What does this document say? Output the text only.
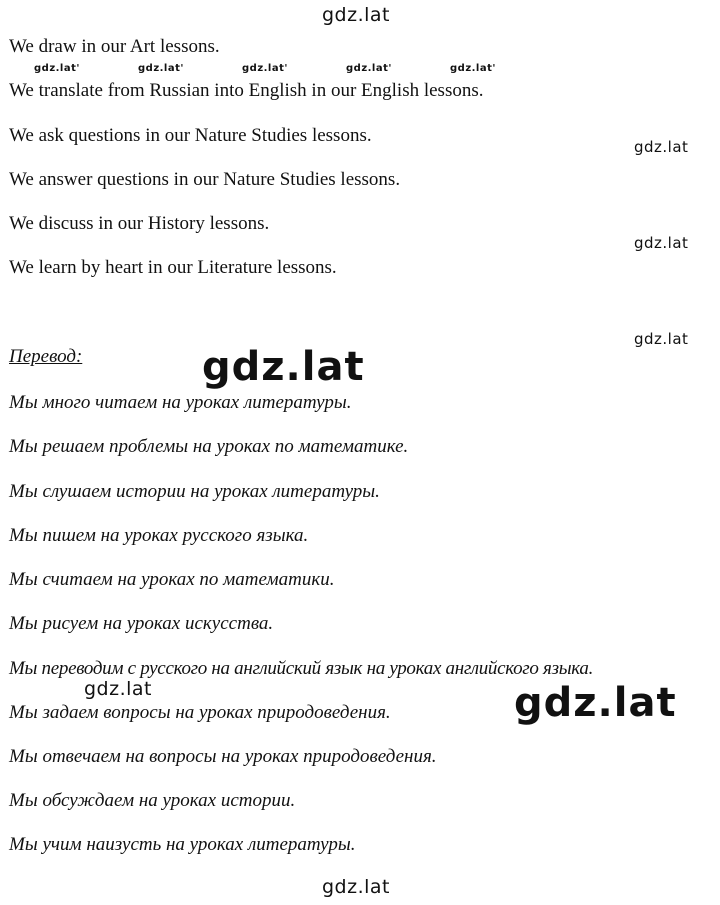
gdz.lat
gdz.lat'	gdz.lat'	gdz.lat'	gdz.lat'	gdz.lat'
gdz.lat
gdz.lat
gdz.lat
gdz.lat
gdz.lat	gdz.lat
gdz.lat

We draw in our Art lessons.

We translate from Russian into English in our English lessons.

We ask questions in our Nature Studies lessons.

We answer questions in our Nature Studies lessons.

We discuss in our History lessons.

We learn by heart in our Literature lessons.

Перевод:

Мы много читаем на уроках литературы.

Мы решаем проблемы на уроках по математике.

Мы слушаем истории на уроках литературы.

Мы пишем на уроках русского языка.

Мы считаем на уроках по математики.

Мы рисуем на уроках искусства.

Мы переводим с русского на английский язык на уроках английского языка.

Мы задаем вопросы на уроках природоведения.

Мы отвечаем на вопросы на уроках природоведения.

Мы обсуждаем на уроках истории.

Мы учим наизусть на уроках литературы.
